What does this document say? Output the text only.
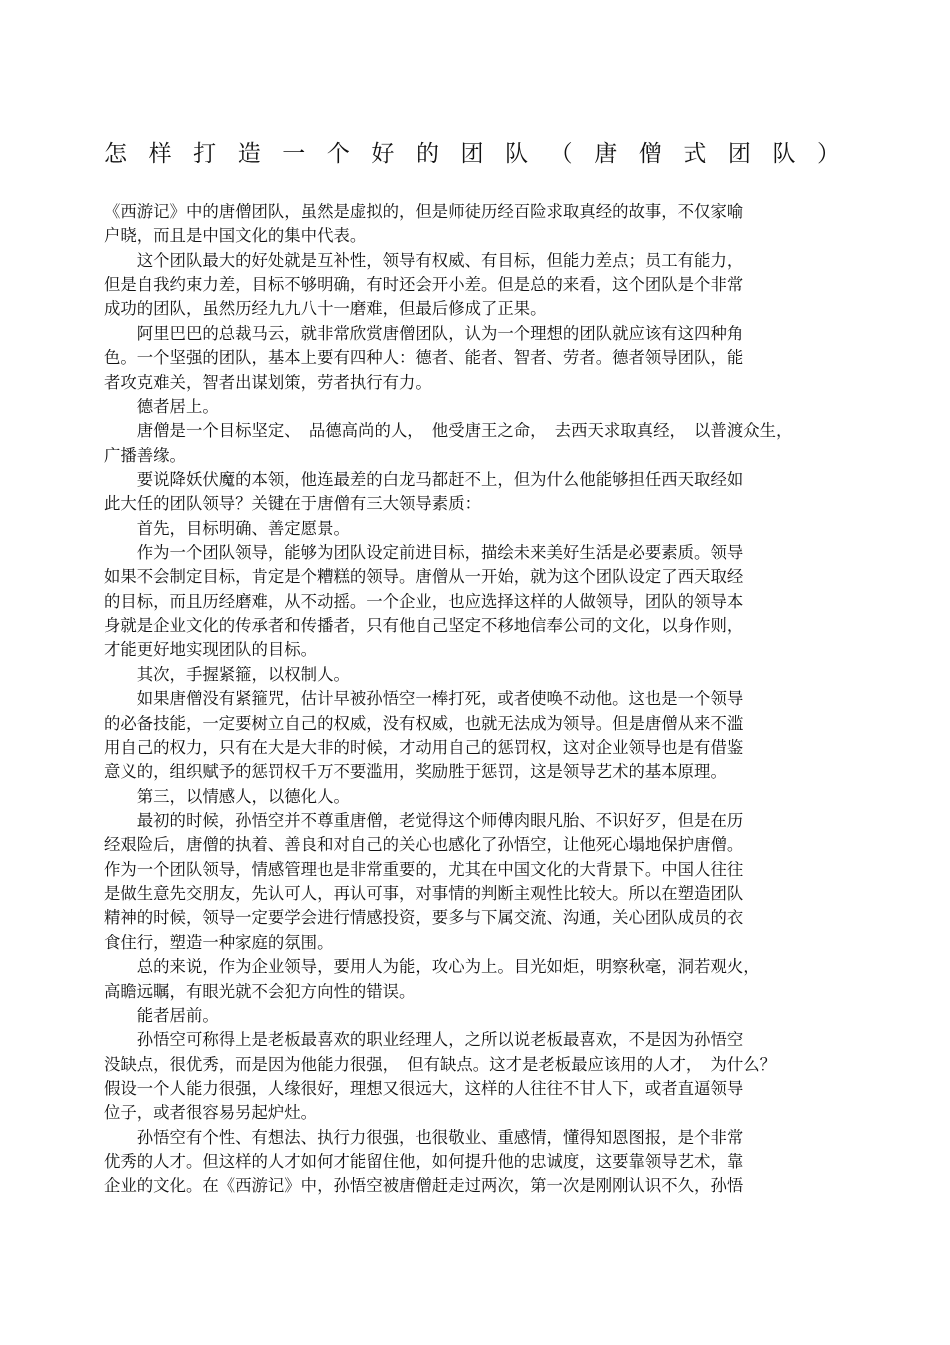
怎 样 打 造 一 个 好 的 团 队 （ 唐 僧 式 团 队 ）
《西游记》中的唐僧团队，虽然是虚拟的，但是师徒历经百险求取真经的故事，不仅家喻
户晓，而且是中国文化的集中代表。
　　这个团队最大的好处就是互补性，领导有权威、有目标，但能力差点；员工有能力，
但是自我约束力差，目标不够明确，有时还会开小差。但是总的来看，这个团队是个非常
成功的团队，虽然历经九九八十一磨难，但最后修成了正果。
　　阿里巴巴的总裁马云，就非常欣赏唐僧团队，认为一个理想的团队就应该有这四种角
色。一个坚强的团队，基本上要有四种人：德者、能者、智者、劳者。德者领导团队，能
者攻克难关，智者出谋划策，劳者执行有力。
　　德者居上。
　　唐僧是一个目标坚定、　品德高尚的人，　他受唐王之命，　去西天求取真经，　以普渡众生，
广播善缘。
　　要说降妖伏魔的本领，他连最差的白龙马都赶不上，但为什么他能够担任西天取经如
此大任的团队领导？关键在于唐僧有三大领导素质：
　　首先，目标明确、善定愿景。
　　作为一个团队领导，能够为团队设定前进目标，描绘未来美好生活是必要素质。领导
如果不会制定目标，肯定是个糟糕的领导。唐僧从一开始，就为这个团队设定了西天取经
的目标，而且历经磨难，从不动摇。一个企业，也应选择这样的人做领导，团队的领导本
身就是企业文化的传承者和传播者，只有他自己坚定不移地信奉公司的文化，以身作则，
才能更好地实现团队的目标。
　　其次，手握紧箍，以权制人。
　　如果唐僧没有紧箍咒，估计早被孙悟空一棒打死，或者使唤不动他。这也是一个领导
的必备技能，一定要树立自己的权威，没有权威，也就无法成为领导。但是唐僧从来不滥
用自己的权力，只有在大是大非的时候，才动用自己的惩罚权，这对企业领导也是有借鉴
意义的，组织赋予的惩罚权千万不要滥用，奖励胜于惩罚，这是领导艺术的基本原理。
　　第三，以情感人，以德化人。
　　最初的时候，孙悟空并不尊重唐僧，老觉得这个师傅肉眼凡胎、不识好歹，但是在历
经艰险后，唐僧的执着、善良和对自己的关心也感化了孙悟空，让他死心塌地保护唐僧。
作为一个团队领导，情感管理也是非常重要的，尤其在中国文化的大背景下。中国人往往
是做生意先交朋友，先认可人，再认可事，对事情的判断主观性比较大。所以在塑造团队
精神的时候，领导一定要学会进行情感投资，要多与下属交流、沟通，关心团队成员的衣
食住行，塑造一种家庭的氛围。
　　总的来说，作为企业领导，要用人为能，攻心为上。目光如炬，明察秋毫，洞若观火，
高瞻远瞩，有眼光就不会犯方向性的错误。
　　能者居前。
　　孙悟空可称得上是老板最喜欢的职业经理人，之所以说老板最喜欢，不是因为孙悟空
没缺点，很优秀，而是因为他能力很强，　但有缺点。这才是老板最应该用的人才，　为什么？
假设一个人能力很强，人缘很好，理想又很远大，这样的人往往不甘人下，或者直逼领导
位子，或者很容易另起炉灶。
　　孙悟空有个性、有想法、执行力很强，也很敬业、重感情，懂得知恩图报，是个非常
优秀的人才。但这样的人才如何才能留住他，如何提升他的忠诚度，这要靠领导艺术，靠
企业的文化。在《西游记》中，孙悟空被唐僧赶走过两次，第一次是刚刚认识不久，孙悟
